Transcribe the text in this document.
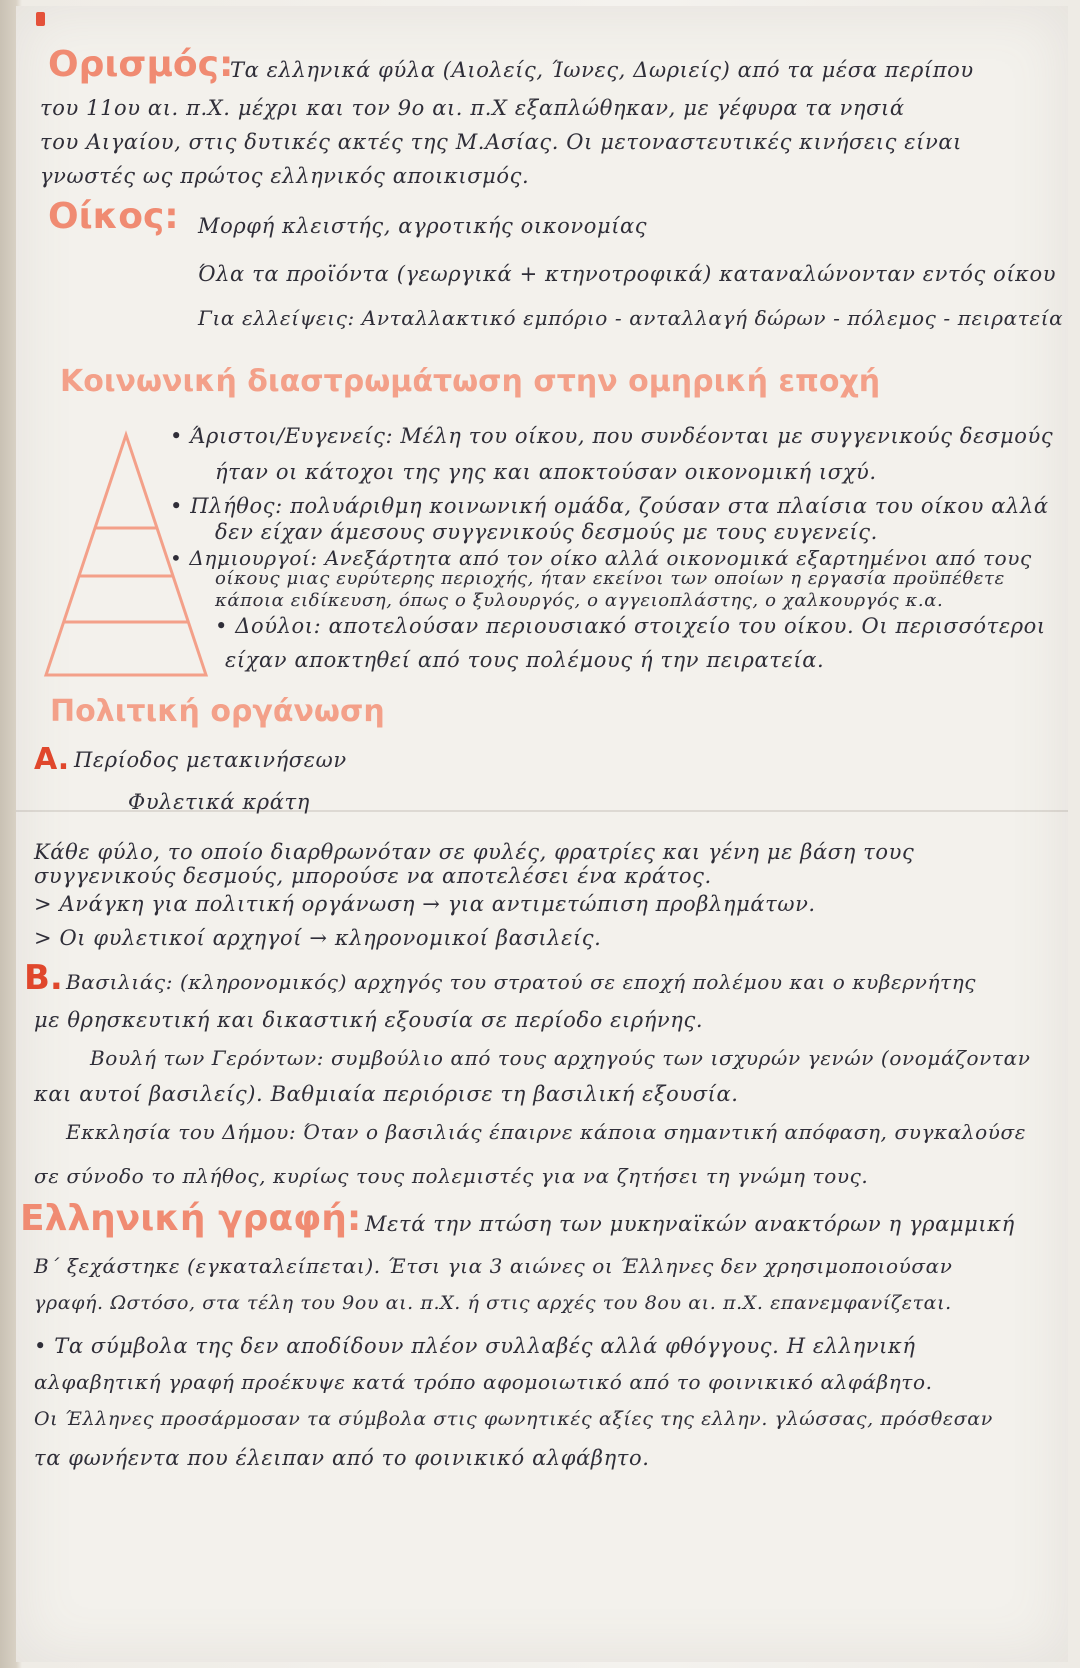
Ορισμός:
Τα ελληνικά φύλα (Αιολείς, Ίωνες, Δωριείς) από τα μέσα περίπου
του 11ου αι. π.Χ. μέχρι και τον 9ο αι. π.Χ εξαπλώθηκαν, με γέφυρα τα νησιά
του Αιγαίου, στις δυτικές ακτές της Μ.Ασίας. Οι μετοναστευτικές κινήσεις είναι
γνωστές ως πρώτος ελληνικός αποικισμός.
Οίκος: Μορφή κλειστής, αγροτικής οικονομίας
Όλα τα προϊόντα (γεωργικά + κτηνοτροφικά) καταναλώνονταν εντός οίκου
Για ελλείψεις: Ανταλλακτικό εμπόριο - ανταλλαγή δώρων - πόλεμος - πειρατεία
Κοινωνική διαστρωμάτωση στην ομηρική εποχή
• Άριστοι/Ευγενείς: Μέλη του οίκου, που συνδέονται με συγγενικούς δεσμούς
ήταν οι κάτοχοι της γης και αποκτούσαν οικονομική ισχύ.
• Πλήθος: πολυάριθμη κοινωνική ομάδα, ζούσαν στα πλαίσια του οίκου αλλά
δεν είχαν άμεσους συγγενικούς δεσμούς με τους ευγενείς.
• Δημιουργοί: Ανεξάρτητα από τον οίκο αλλά οικονομικά εξαρτημένοι από τους
οίκους μιας ευρύτερης περιοχής, ήταν εκείνοι των οποίων η εργασία προϋπέθετε
κάποια ειδίκευση, όπως ο ξυλουργός, ο αγγειοπλάστης, ο χαλκουργός κ.α.
• Δούλοι: αποτελούσαν περιουσιακό στοιχείο του οίκου. Οι περισσότεροι
είχαν αποκτηθεί από τους πολέμους ή την πειρατεία.
Πολιτική οργάνωση
A. Περίοδος μετακινήσεων
Φυλετικά κράτη
Κάθε φύλο, το οποίο διαρθρωνόταν σε φυλές, φρατρίες και γένη με βάση τους
συγγενικούς δεσμούς, μπορούσε να αποτελέσει ένα κράτος.
> Ανάγκη για πολιτική οργάνωση → για αντιμετώπιση προβλημάτων.
> Οι φυλετικοί αρχηγοί → κληρονομικοί βασιλείς.
B. Βασιλιάς: (κληρονομικός) αρχηγός του στρατού σε εποχή πολέμου και ο κυβερνήτης
με θρησκευτική και δικαστική εξουσία σε περίοδο ειρήνης.
Βουλή των Γερόντων: συμβούλιο από τους αρχηγούς των ισχυρών γενών (ονομάζονταν
και αυτοί βασιλείς). Βαθμιαία περιόρισε τη βασιλική εξουσία.
Εκκλησία του Δήμου: Όταν ο βασιλιάς έπαιρνε κάποια σημαντική απόφαση, συγκαλούσε
σε σύνοδο το πλήθος, κυρίως τους πολεμιστές για να ζητήσει τη γνώμη τους.
Ελληνική γραφή: Μετά την πτώση των μυκηναϊκών ανακτόρων η γραμμική
Β΄ ξεχάστηκε (εγκαταλείπεται). Έτσι για 3 αιώνες οι Έλληνες δεν χρησιμοποιούσαν
γραφή. Ωστόσο, στα τέλη του 9ου αι. π.Χ. ή στις αρχές του 8ου αι. π.Χ. επανεμφανίζεται.
• Τα σύμβολα της δεν αποδίδουν πλέον συλλαβές αλλά φθόγγους. Η ελληνική
αλφαβητική γραφή προέκυψε κατά τρόπο αφομοιωτικό από το φοινικικό αλφάβητο.
Οι Έλληνες προσάρμοσαν τα σύμβολα στις φωνητικές αξίες της ελλην. γλώσσας, πρόσθεσαν
τα φωνήεντα που έλειπαν από το φοινικικό αλφάβητο.
